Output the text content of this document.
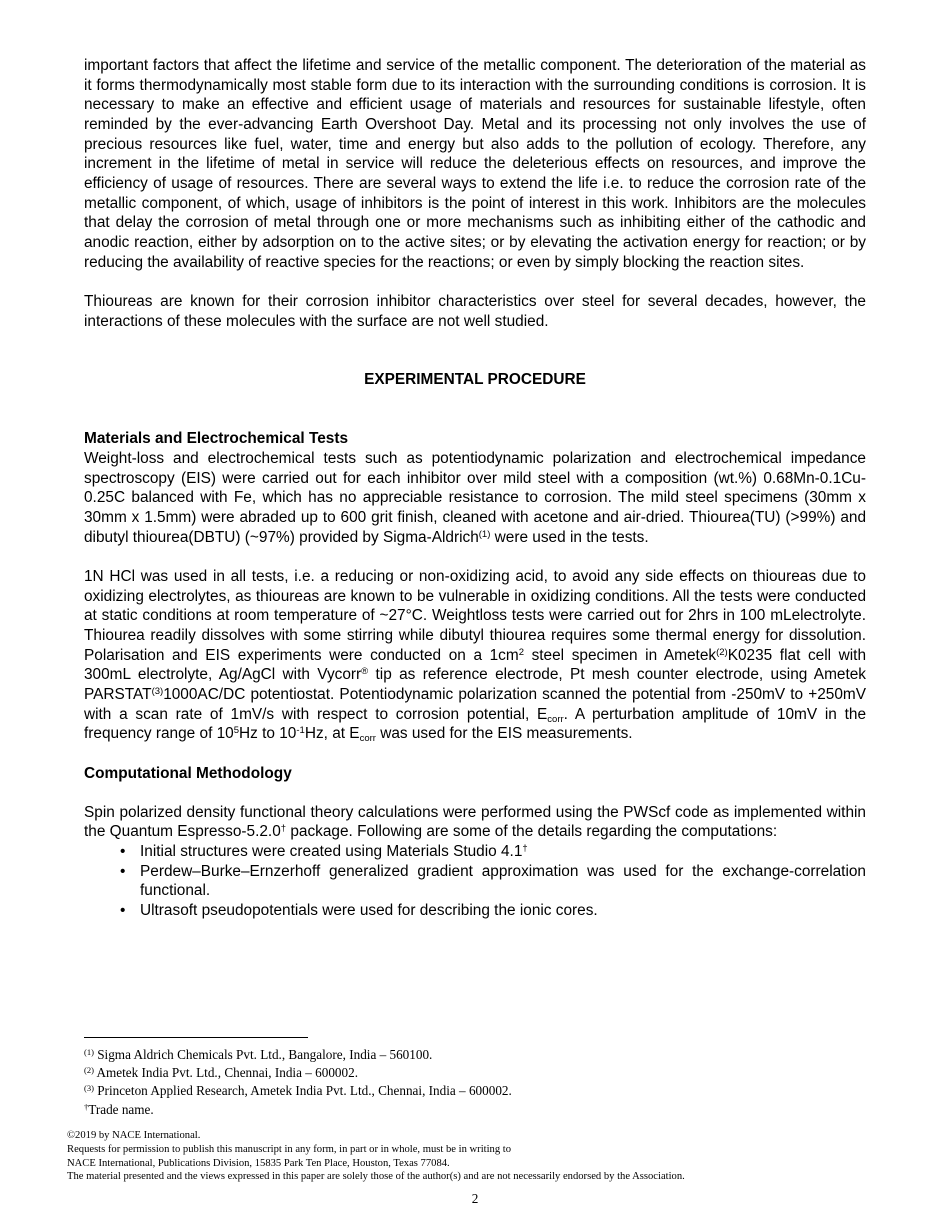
important factors that affect the lifetime and service of the metallic component. The deterioration of the material as it forms thermodynamically most stable form due to its interaction with the surrounding conditions is corrosion. It is necessary to make an effective and efficient usage of materials and resources for sustainable lifestyle, often reminded by the ever-advancing Earth Overshoot Day. Metal and its processing not only involves the use of precious resources like fuel, water, time and energy but also adds to the pollution of ecology. Therefore, any increment in the lifetime of metal in service will reduce the deleterious effects on resources, and improve the efficiency of usage of resources. There are several ways to extend the life i.e. to reduce the corrosion rate of the metallic component, of which, usage of inhibitors is the point of interest in this work. Inhibitors are the molecules that delay the corrosion of metal through one or more mechanisms such as inhibiting either of the cathodic and anodic reaction, either by adsorption on to the active sites; or by elevating the activation energy for reaction; or by reducing the availability of reactive species for the reactions; or even by simply blocking the reaction sites.

Thioureas are known for their corrosion inhibitor characteristics over steel for several decades, however, the interactions of these molecules with the surface are not well studied.

EXPERIMENTAL PROCEDURE
Materials and Electrochemical Tests

Weight-loss and electrochemical tests such as potentiodynamic polarization and electrochemical impedance spectroscopy (EIS) were carried out for each inhibitor over mild steel with a composition (wt.%) 0.68Mn-0.1Cu-0.25C balanced with Fe, which has no appreciable resistance to corrosion. The mild steel specimens (30mm x 30mm x 1.5mm) were abraded up to 600 grit finish, cleaned with acetone and air-dried. Thiourea(TU) (>99%) and dibutyl thiourea(DBTU) (~97%) provided by Sigma-Aldrich$^{(1)}$ were used in the tests.

1N HCl was used in all tests, i.e. a reducing or non-oxidizing acid, to avoid any side effects on thioureas due to oxidizing electrolytes, as thioureas are known to be vulnerable in oxidizing conditions. All the tests were conducted at static conditions at room temperature of ~27°C. Weightloss tests were carried out for 2hrs in 100 mLelectrolyte. Thiourea readily dissolves with some stirring while dibutyl thiourea requires some thermal energy for dissolution. Polarisation and EIS experiments were conducted on a $1cm^2$ steel specimen in Ametek$^{(2)}$K0235 flat cell with 300mL electrolyte, Ag/AgCl with Vycorr® tip as reference electrode, Pt mesh counter electrode, using Ametek PARSTAT$^{(3)}$1000AC/DC potentiostat. Potentiodynamic polarization scanned the potential from -250mV to +250mV with a scan rate of 1mV/s with respect to corrosion potential, $E_{corr}$. A perturbation amplitude of 10mV in the frequency range of $10^5Hz$ to $10^{-1}Hz$, at $E_{corr}$ was used for the EIS measurements.

Computational Methodology

Spin polarized density functional theory calculations were performed using the PWScf code as implemented within the Quantum Espresso-5.2.0† package. Following are some of the details regarding the computations:

• Initial structures were created using Materials Studio 4.1†
• Perdew–Burke–Ernzerhoff generalized gradient approximation was used for the exchange-correlation functional.
• Ultrasoft pseudopotentials were used for describing the ionic cores.
$^{(1)}$ Sigma Aldrich Chemicals Pvt. Ltd., Bangalore, India – 560100.
$^{(2)}$ Ametek India Pvt. Ltd., Chennai, India – 600002.
$^{(3)}$ Princeton Applied Research, Ametek India Pvt. Ltd., Chennai, India – 600002.
†Trade name.
©2019 by NACE International.
Requests for permission to publish this manuscript in any form, in part or in whole, must be in writing to
NACE International, Publications Division, 15835 Park Ten Place, Houston, Texas 77084.
The material presented and the views expressed in this paper are solely those of the author(s) and are not necessarily endorsed by the Association.
2
